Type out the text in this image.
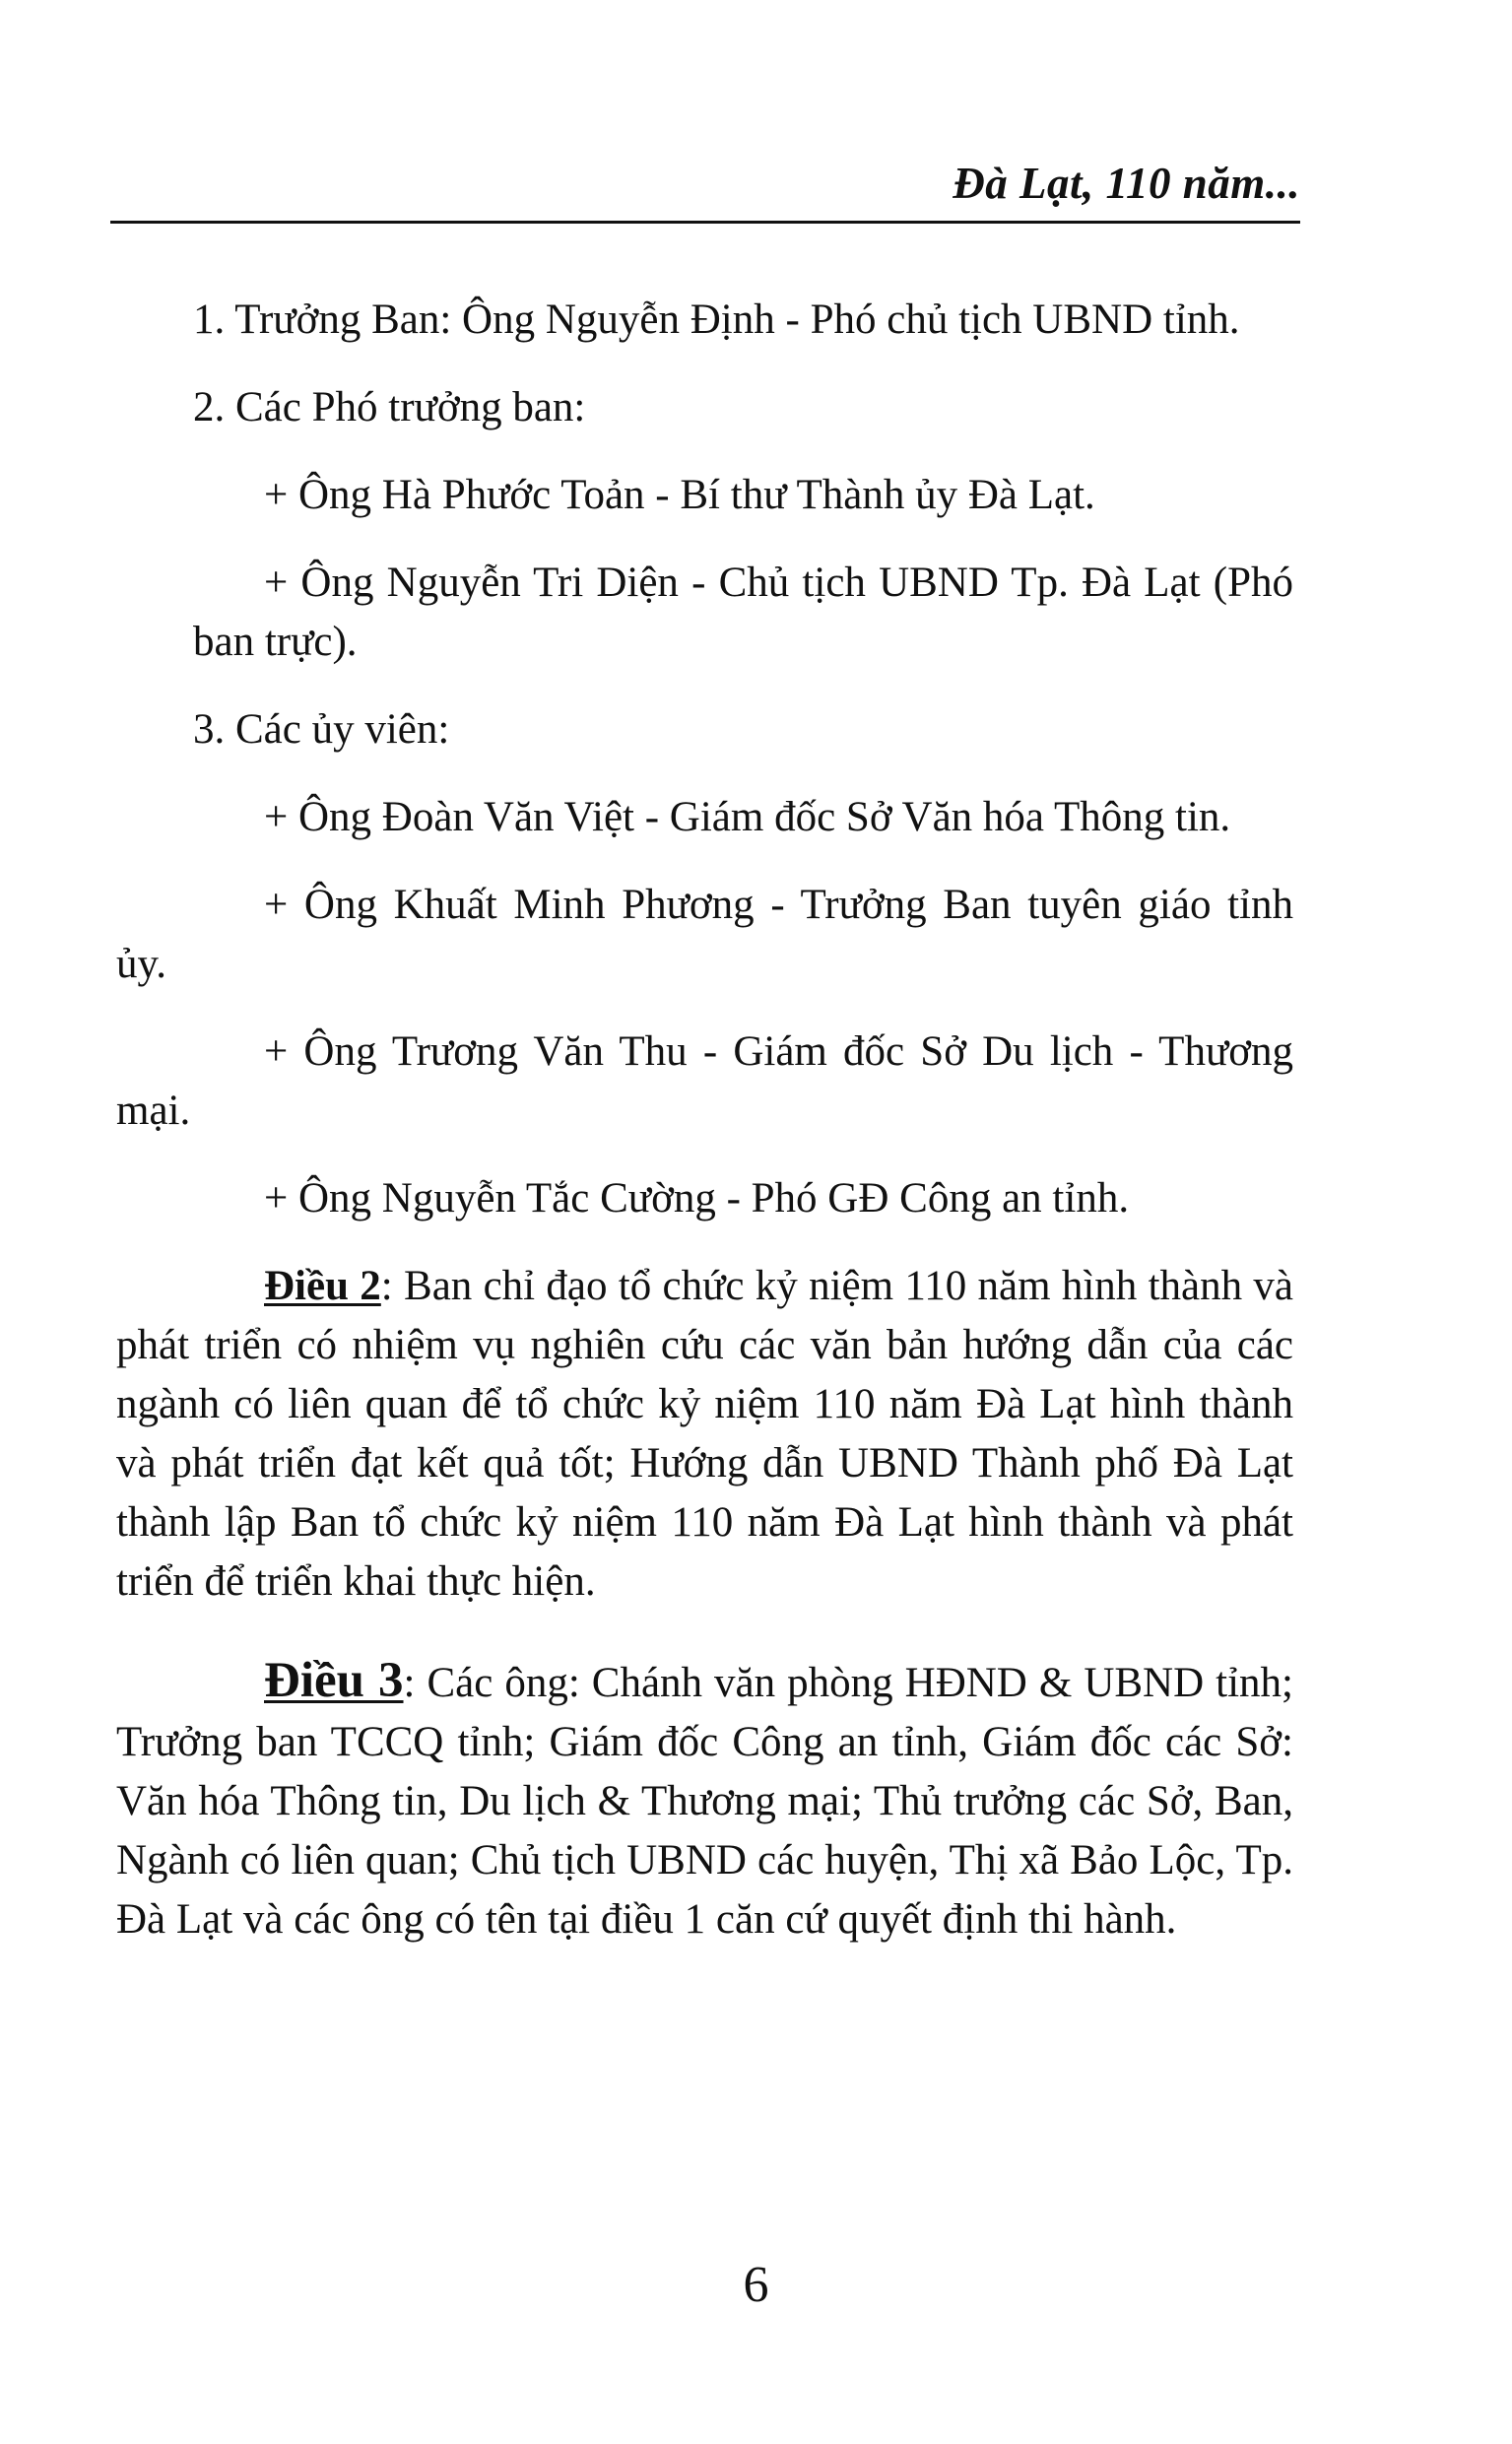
Đà Lạt, 110 năm...

1. Trưởng Ban: Ông Nguyễn Định - Phó chủ tịch UBND tỉnh.

2. Các Phó trưởng ban:

+ Ông Hà Phước Toản - Bí thư Thành ủy Đà Lạt.

+ Ông Nguyễn Tri Diện - Chủ tịch UBND Tp. Đà Lạt (Phó ban trực).

3. Các ủy viên:

+ Ông Đoàn Văn Việt - Giám đốc Sở Văn hóa Thông tin.

+ Ông Khuất Minh Phương - Trưởng Ban tuyên giáo tỉnh ủy.

+ Ông Trương Văn Thu - Giám đốc Sở Du lịch - Thương mại.

+ Ông Nguyễn Tắc Cường - Phó GĐ Công an tỉnh.

Điều 2: Ban chỉ đạo tổ chức kỷ niệm 110 năm hình thành và phát triển có nhiệm vụ nghiên cứu các văn bản hướng dẫn của các ngành có liên quan để tổ chức kỷ niệm 110 năm Đà Lạt hình thành và phát triển đạt kết quả tốt; Hướng dẫn UBND Thành phố Đà Lạt thành lập Ban tổ chức kỷ niệm 110 năm Đà Lạt hình thành và phát triển để triển khai thực hiện.

Điều 3: Các ông: Chánh văn phòng HĐND & UBND tỉnh; Trưởng ban TCCQ tỉnh; Giám đốc Công an tỉnh, Giám đốc các Sở: Văn hóa Thông tin, Du lịch & Thương mại; Thủ trưởng các Sở, Ban, Ngành có liên quan; Chủ tịch UBND các huyện, Thị xã Bảo Lộc, Tp. Đà Lạt và các ông có tên tại điều 1 căn cứ quyết định thi hành.

6
